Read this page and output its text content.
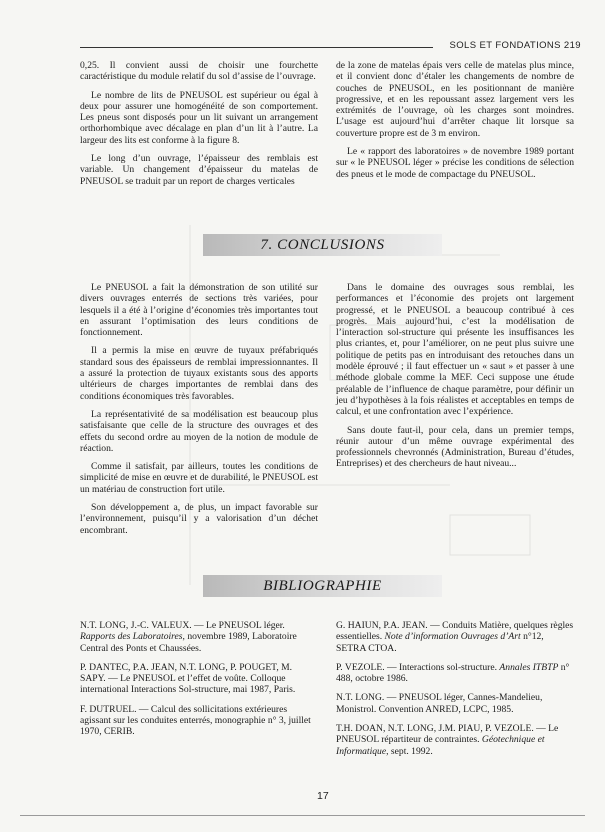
SOLS ET FONDATIONS 219

0,25. Il convient aussi de choisir une fourchette caractéristique du module relatif du sol d’assise de l’ouvrage.

Le nombre de lits de PNEUSOL est supérieur ou égal à deux pour assurer une homogénéité de son comportement. Les pneus sont disposés pour un lit suivant un arrangement orthorhombique avec décalage en plan d’un lit à l’autre. La largeur des lits est conforme à la figure 8.

Le long d’un ouvrage, l’épaisseur des remblais est variable. Un changement d’épaisseur du matelas de PNEUSOL se traduit par un report de charges verticales

de la zone de matelas épais vers celle de matelas plus mince, et il convient donc d’étaler les changements de nombre de couches de PNEUSOL, en les positionnant de manière progressive, et en les repoussant assez largement vers les extrémités de l’ouvrage, où les charges sont moindres. L’usage est aujourd’hui d’arrêter chaque lit lorsque sa couverture propre est de 3 m environ.

Le « rapport des laboratoires » de novembre 1989 portant sur « le PNEUSOL léger » précise les conditions de sélection des pneus et le mode de compactage du PNEUSOL.

7. CONCLUSIONS

Le PNEUSOL a fait la démonstration de son utilité sur divers ouvrages enterrés de sections très variées, pour lesquels il a été à l’origine d’économies très importantes tout en assurant l’optimisation des leurs conditions de fonctionnement.

Il a permis la mise en œuvre de tuyaux préfabriqués standard sous des épaisseurs de remblai impressionnantes. Il a assuré la protection de tuyaux existants sous des apports ultérieurs de charges importantes de remblai dans des conditions économiques très favorables.

La représentativité de sa modélisation est beaucoup plus satisfaisante que celle de la structure des ouvrages et des effets du second ordre au moyen de la notion de module de réaction.

Comme il satisfait, par ailleurs, toutes les conditions de simplicité de mise en œuvre et de durabilité, le PNEUSOL est un matériau de construction fort utile.

Son développement a, de plus, un impact favorable sur l’environnement, puisqu’il y a valorisation d’un déchet encombrant.

Dans le domaine des ouvrages sous remblai, les performances et l’économie des projets ont largement progressé, et le PNEUSOL a beaucoup contribué à ces progrès. Mais aujourd’hui, c’est la modélisation de l’interaction sol-structure qui présente les insuffisances les plus criantes, et, pour l’améliorer, on ne peut plus suivre une politique de petits pas en introduisant des retouches dans un modèle éprouvé ; il faut effectuer un « saut » et passer à une méthode globale comme la MEF. Ceci suppose une étude préalable de l’influence de chaque paramètre, pour définir un jeu d’hypothèses à la fois réalistes et acceptables en temps de calcul, et une confrontation avec l’expérience.

Sans doute faut-il, pour cela, dans un premier temps, réunir autour d’un même ouvrage expérimental des professionnels chevronnés (Administration, Bureau d’études, Entreprises) et des chercheurs de haut niveau...

BIBLIOGRAPHIE

N.T. LONG, J.-C. VALEUX. — Le PNEUSOL léger. Rapports des Laboratoires, novembre 1989, Laboratoire Central des Ponts et Chaussées.

P. DANTEC, P.A. JEAN, N.T. LONG, P. POUGET, M. SAPY. — Le PNEUSOL et l’effet de voûte. Colloque international Interactions Sol-structure, mai 1987, Paris.

F. DUTRUEL. — Calcul des sollicitations extérieures agissant sur les conduites enterrés, monographie n° 3, juillet 1970, CERIB.

G. HAIUN, P.A. JEAN. — Conduits Matière, quelques règles essentielles. Note d’information Ouvrages d’Art n°12, SETRA CTOA.

P. VEZOLE. — Interactions sol-structure. Annales ITBTP n° 488, octobre 1986.

N.T. LONG. — PNEUSOL léger, Cannes-Mandelieu, Monistrol. Convention ANRED, LCPC, 1985.

T.H. DOAN, N.T. LONG, J.M. PIAU, P. VEZOLE. — Le PNEUSOL répartiteur de contraintes. Géotechnique et Informatique, sept. 1992.

17
